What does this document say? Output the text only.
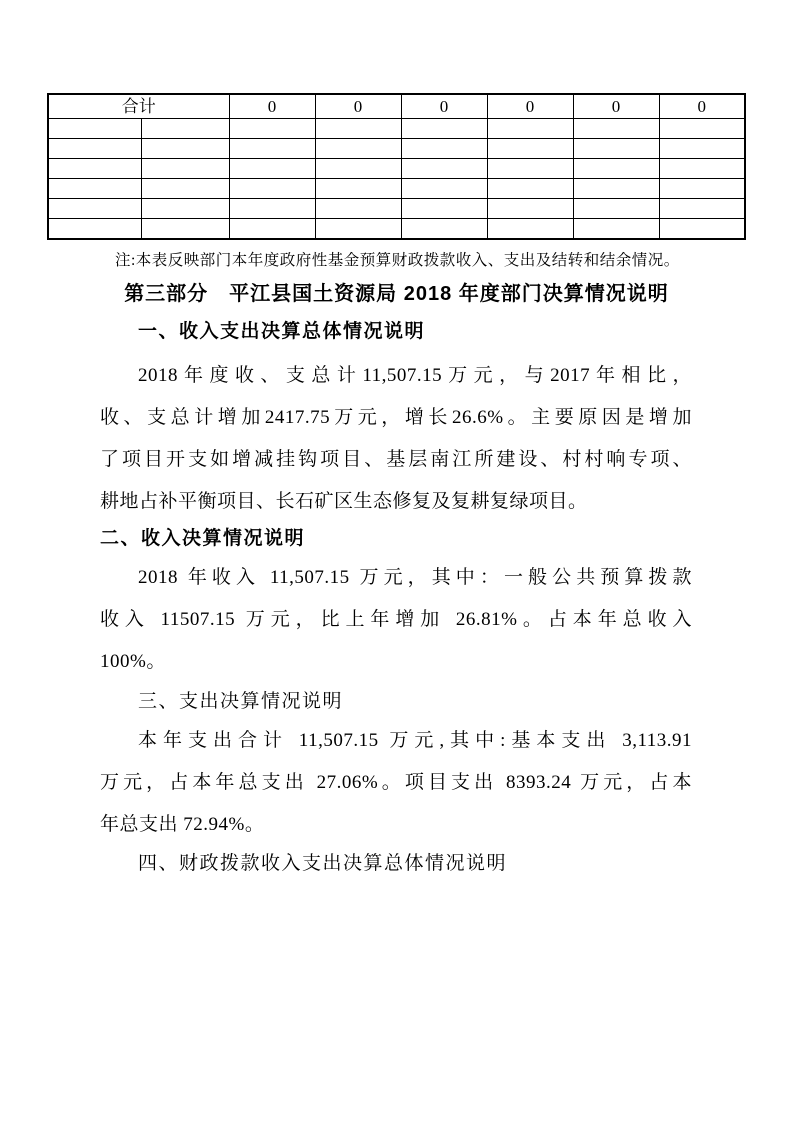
合计		0	0	0	0	0	0

注:本表反映部门本年度政府性基金预算财政拨款收入、支出及结转和结余情况。
第三部分　平江县国土资源局 2018 年度部门决算情况说明
一、收入支出决算总体情况说明
2018年度收、支总计11,507.15万元，与2017年相比，
收、支总计增加2417.75万元，增长26.6%。主要原因是增加
了项目开支如增减挂钩项目、基层南江所建设、村村响专项、
耕地占补平衡项目、长石矿区生态修复及复耕复绿项目。
二、收入决算情况说明
2018 年收入 11,507.15 万元，其中：一般公共预算拨款
收入 11507.15 万元，比上年增加 26.81%。占本年总收入
100%。
三、支出决算情况说明
本年支出合计 11,507.15 万元,其中:基本支出 3,113.91
万元，占本年总支出 27.06%。项目支出 8393.24 万元，占本
年总支出 72.94%。
四、财政拨款收入支出决算总体情况说明
